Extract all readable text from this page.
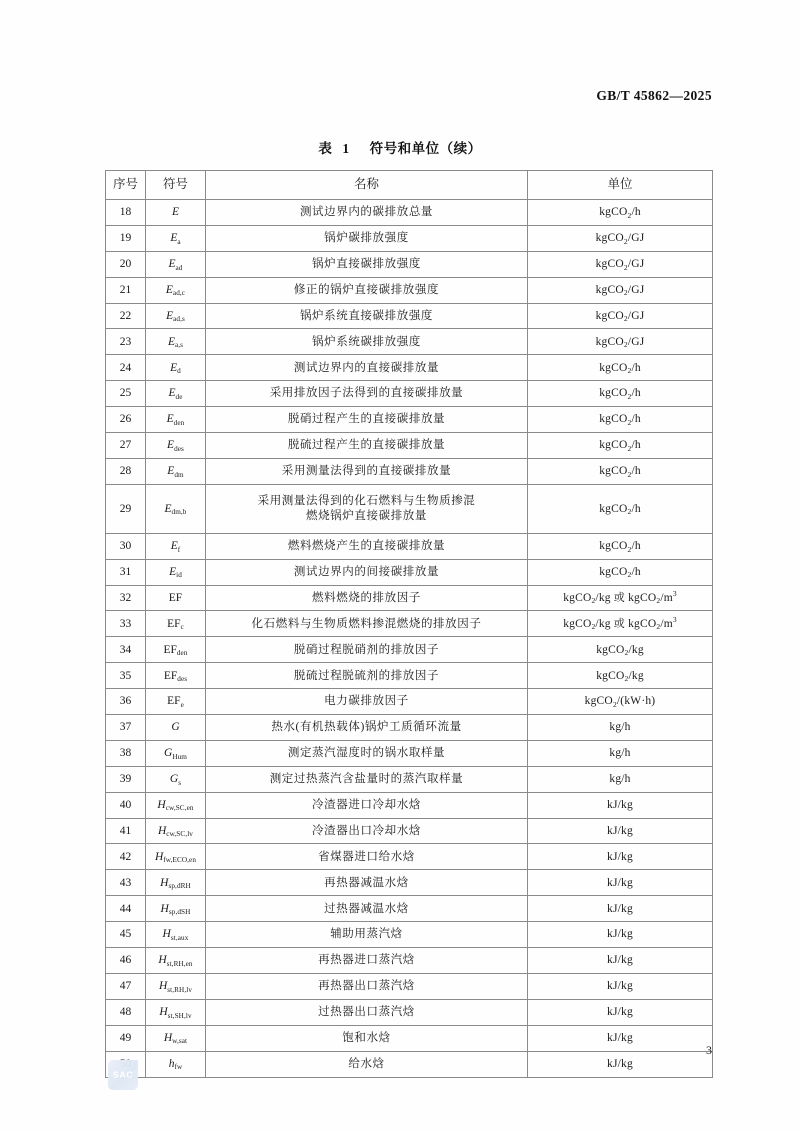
GB/T 45862—2025
表 1 符号和单位（续）
序号	符号	名称	单位
18	E	测试边界内的碳排放总量	kgCO$_2$/h
19	$E_a$	锅炉碳排放强度	kgCO$_2$/GJ
20	$E_{ad}$	锅炉直接碳排放强度	kgCO$_2$/GJ
21	$E_{ad,c}$	修正的锅炉直接碳排放强度	kgCO$_2$/GJ
22	$E_{ad,s}$	锅炉系统直接碳排放强度	kgCO$_2$/GJ
23	$E_{a,s}$	锅炉系统碳排放强度	kgCO$_2$/GJ
24	$E_d$	测试边界内的直接碳排放量	kgCO$_2$/h
25	$E_{de}$	采用排放因子法得到的直接碳排放量	kgCO$_2$/h
26	$E_{den}$	脱硝过程产生的直接碳排放量	kgCO$_2$/h
27	$E_{des}$	脱硫过程产生的直接碳排放量	kgCO$_2$/h
28	$E_{dm}$	采用测量法得到的直接碳排放量	kgCO$_2$/h
29	$E_{dm,b}$	采用测量法得到的化石燃料与生物质掺混
燃烧锅炉直接碳排放量	kgCO$_2$/h
30	$E_f$	燃料燃烧产生的直接碳排放量	kgCO$_2$/h
31	$E_{id}$	测试边界内的间接碳排放量	kgCO$_2$/h
32	EF	燃料燃烧的排放因子	kgCO$_2$/kg 或 $kgCO_2/m^3$
33	$EF_c$	化石燃料与生物质燃料掺混燃烧的排放因子	kgCO$_2$/kg 或 $kgCO_2/m^3$
34	$EF_{den}$	脱硝过程脱硝剂的排放因子	kgCO$_2$/kg
35	$EF_{des}$	脱硫过程脱硫剂的排放因子	kgCO$_2$/kg
36	$EF_e$	电力碳排放因子	kgCO$_2$/(kW·h)
37	G	热水(有机热载体)锅炉工质循环流量	kg/h
38	$G_{Hum}$	测定蒸汽湿度时的锅水取样量	kg/h
39	$G_s$	测定过热蒸汽含盐量时的蒸汽取样量	kg/h
40	$H_{cw,SC,en}$	冷渣器进口冷却水焓	kJ/kg
41	$H_{cw,SC,lv}$	冷渣器出口冷却水焓	kJ/kg
42	$H_{fw,ECO,en}$	省煤器进口给水焓	kJ/kg
43	$H_{sp,dRH}$	再热器减温水焓	kJ/kg
44	$H_{sp,dSH}$	过热器减温水焓	kJ/kg
45	$H_{st,aux}$	辅助用蒸汽焓	kJ/kg
46	$H_{st,RH,en}$	再热器进口蒸汽焓	kJ/kg
47	$H_{st,RH,lv}$	再热器出口蒸汽焓	kJ/kg
48	$H_{st,SH,lv}$	过热器出口蒸汽焓	kJ/kg
49	$H_{w,sat}$	饱和水焓	kJ/kg
	$h_{fw}$	给水焓	kJ/kg
3
SAC
